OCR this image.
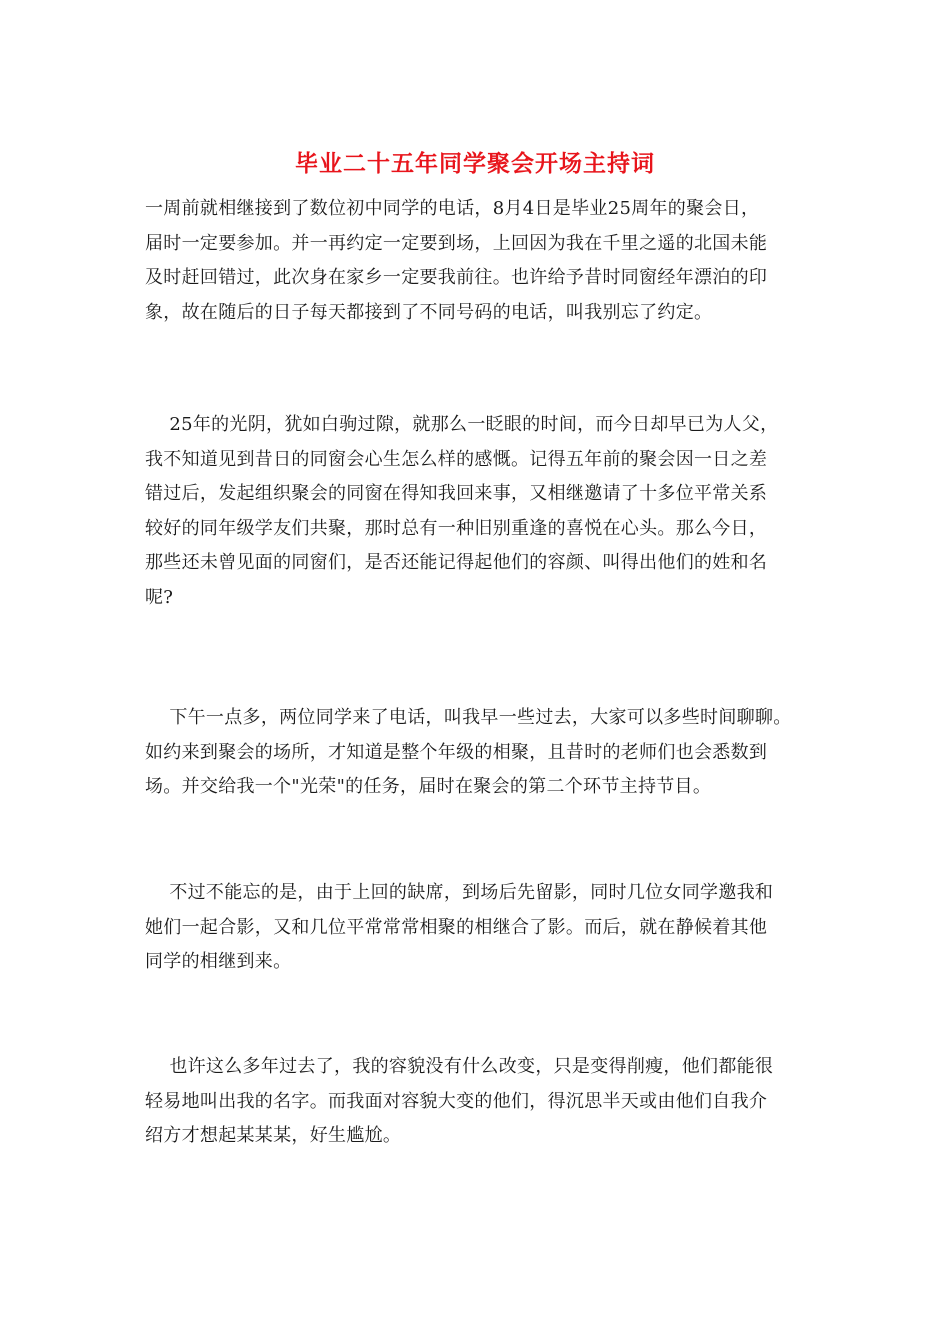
毕业二十五年同学聚会开场主持词
一周前就相继接到了数位初中同学的电话，8月4日是毕业25周年的聚会日，
届时一定要参加。并一再约定一定要到场，上回因为我在千里之遥的北国未能
及时赶回错过，此次身在家乡一定要我前往。也许给予昔时同窗经年漂泊的印
象，故在随后的日子每天都接到了不同号码的电话，叫我别忘了约定。
　 25年的光阴，犹如白驹过隙，就那么一眨眼的时间，而今日却早已为人父，
我不知道见到昔日的同窗会心生怎么样的感慨。记得五年前的聚会因一日之差
错过后，发起组织聚会的同窗在得知我回来事，又相继邀请了十多位平常关系
较好的同年级学友们共聚，那时总有一种旧别重逢的喜悦在心头。那么今日，
那些还未曾见面的同窗们，是否还能记得起他们的容颜、叫得出他们的姓和名
呢?
　 下午一点多，两位同学来了电话，叫我早一些过去，大家可以多些时间聊聊。
如约来到聚会的场所，才知道是整个年级的相聚，且昔时的老师们也会悉数到
场。并交给我一个"光荣"的任务，届时在聚会的第二个环节主持节目。
　 不过不能忘的是，由于上回的缺席，到场后先留影，同时几位女同学邀我和
她们一起合影，又和几位平常常常相聚的相继合了影。而后，就在静候着其他
同学的相继到来。
　 也许这么多年过去了，我的容貌没有什么改变，只是变得削瘦，他们都能很
轻易地叫出我的名字。而我面对容貌大变的他们，得沉思半天或由他们自我介
绍方才想起某某某，好生尴尬。
